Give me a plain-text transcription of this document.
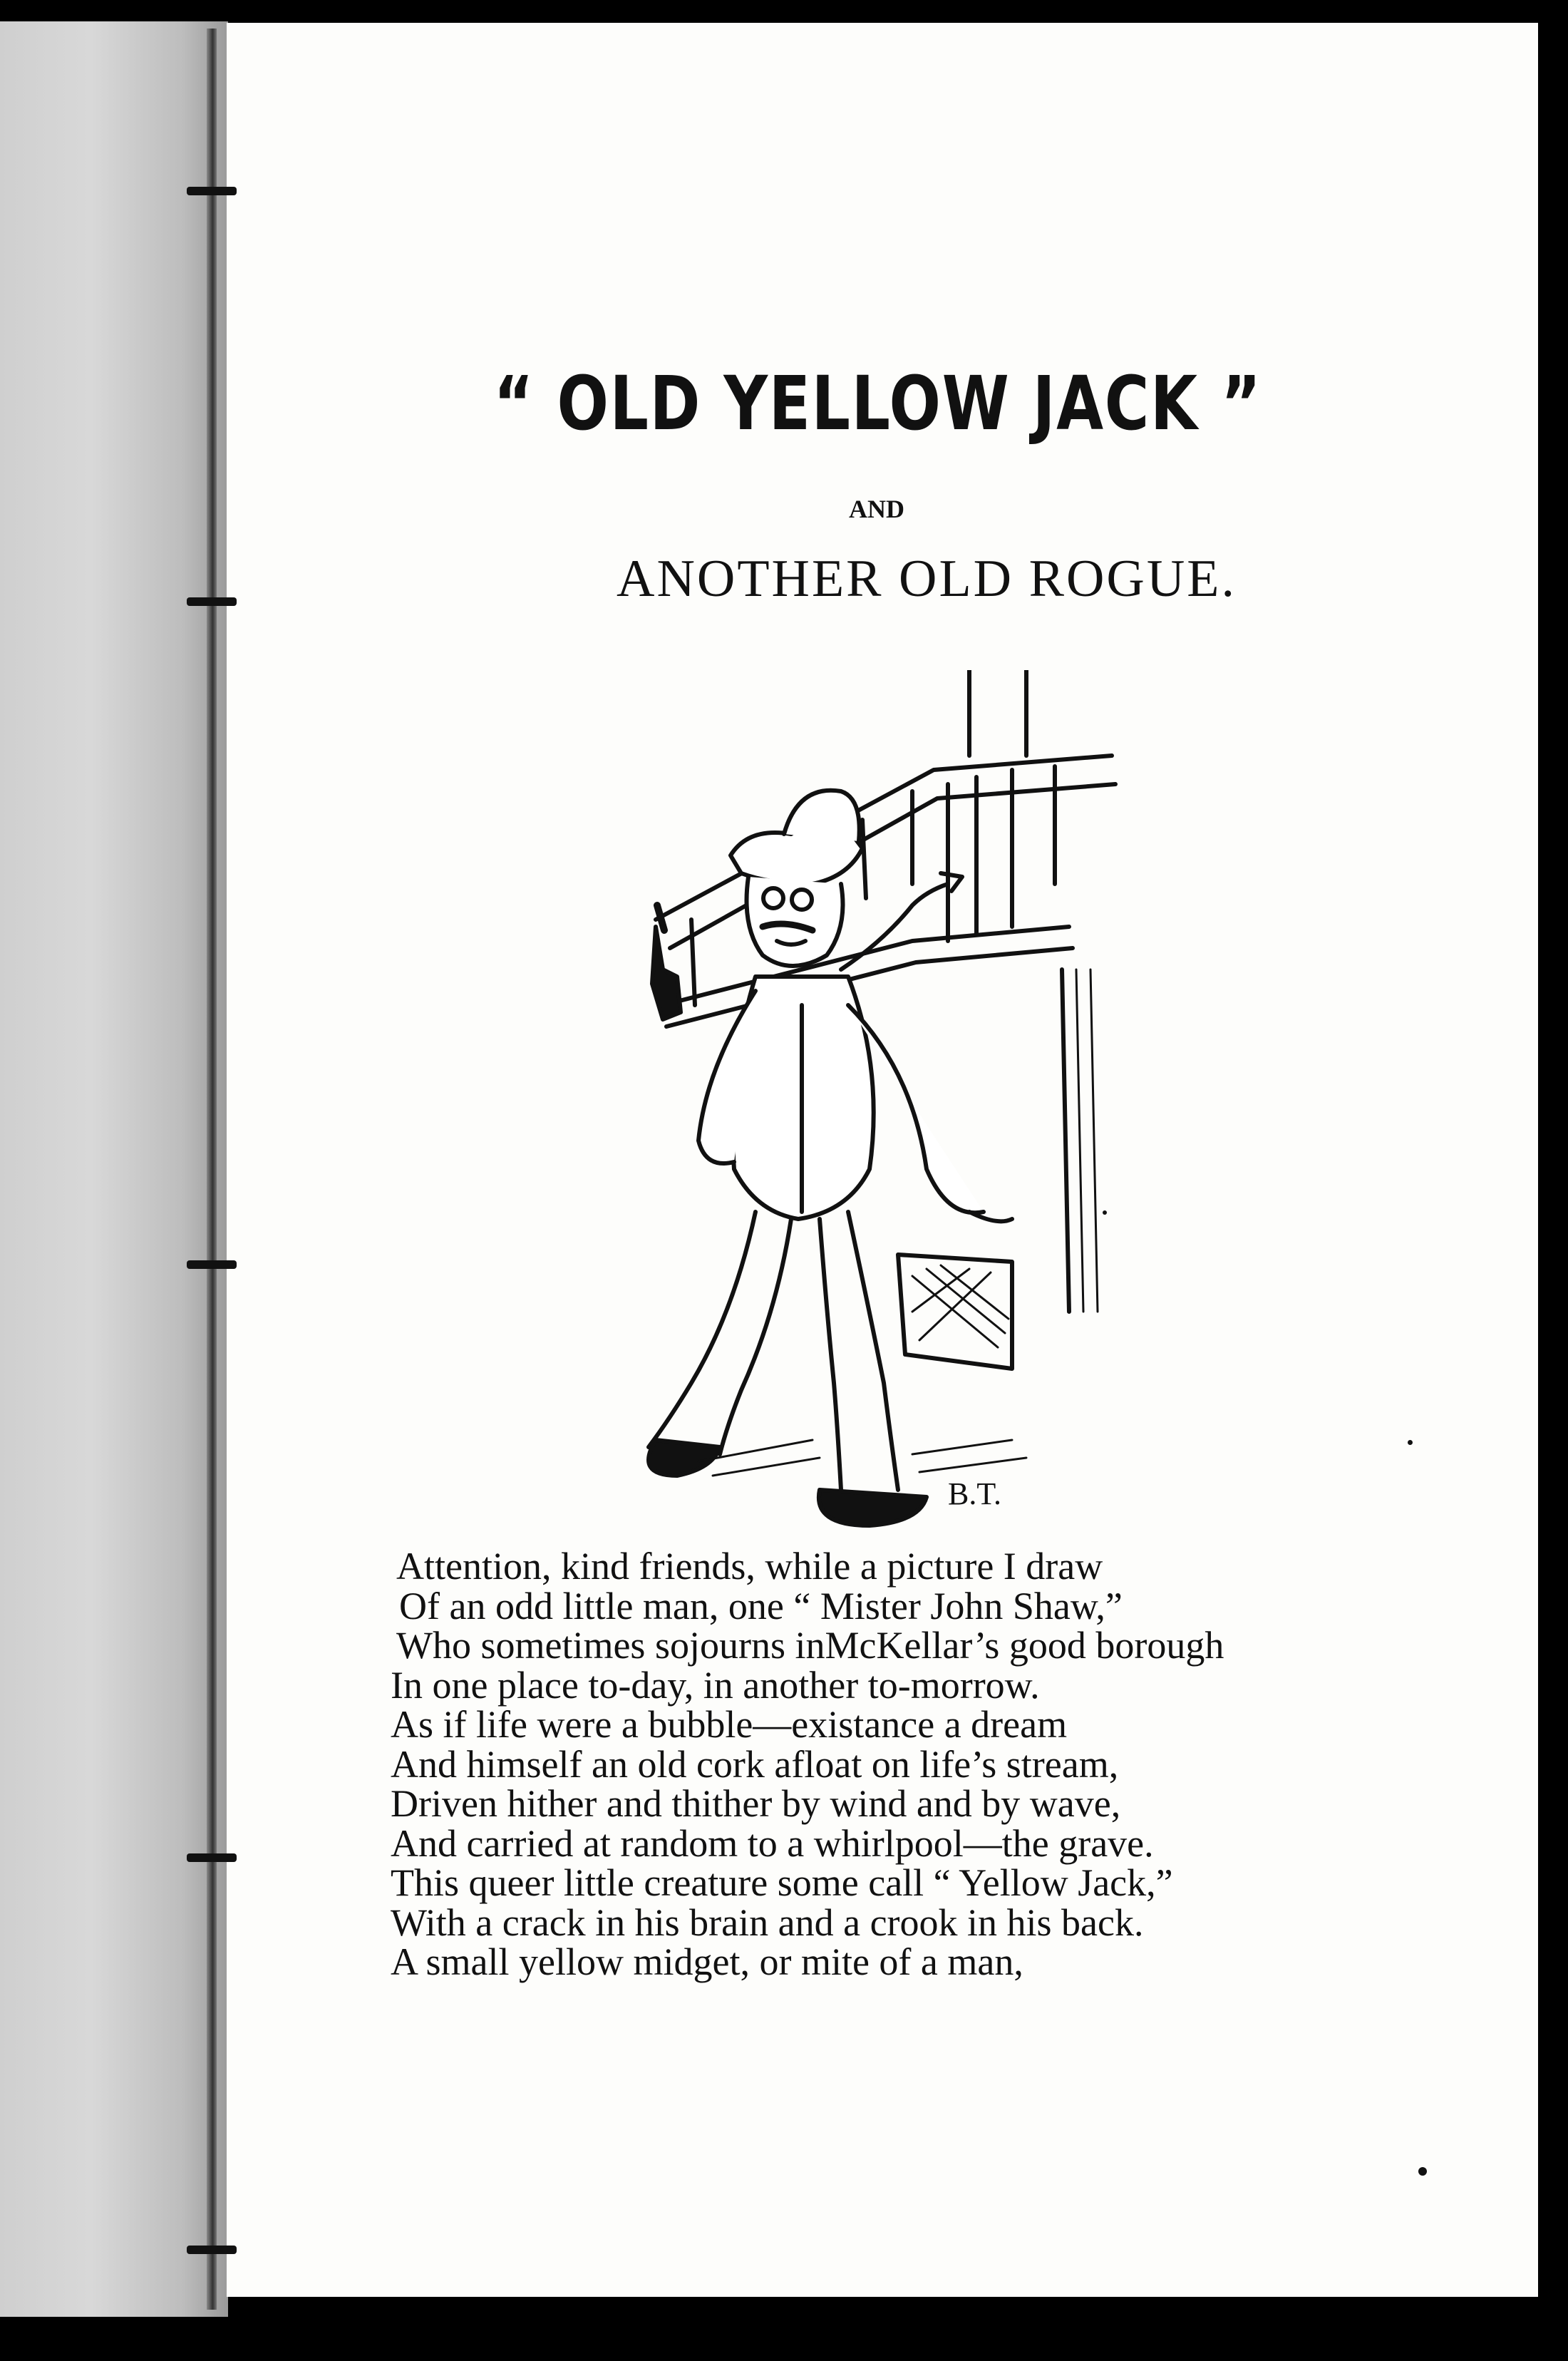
“ OLD YELLOW JACK ”
AND
ANOTHER OLD ROGUE.
B.T.
Attention, kind friends, while a picture I draw
Of an odd little man, one “ Mister John Shaw,”
Who sometimes sojourns inMcKellar’s good borough
In one place to-day, in another to-morrow.
As if life were a bubble—existance a dream
And himself an old cork afloat on life’s stream,
Driven hither and thither by wind and by wave,
And carried at random to a whirlpool—the grave.
This queer little creature some call “ Yellow Jack,”
With a crack in his brain and a crook in his back.
A small yellow midget, or mite of a man,
